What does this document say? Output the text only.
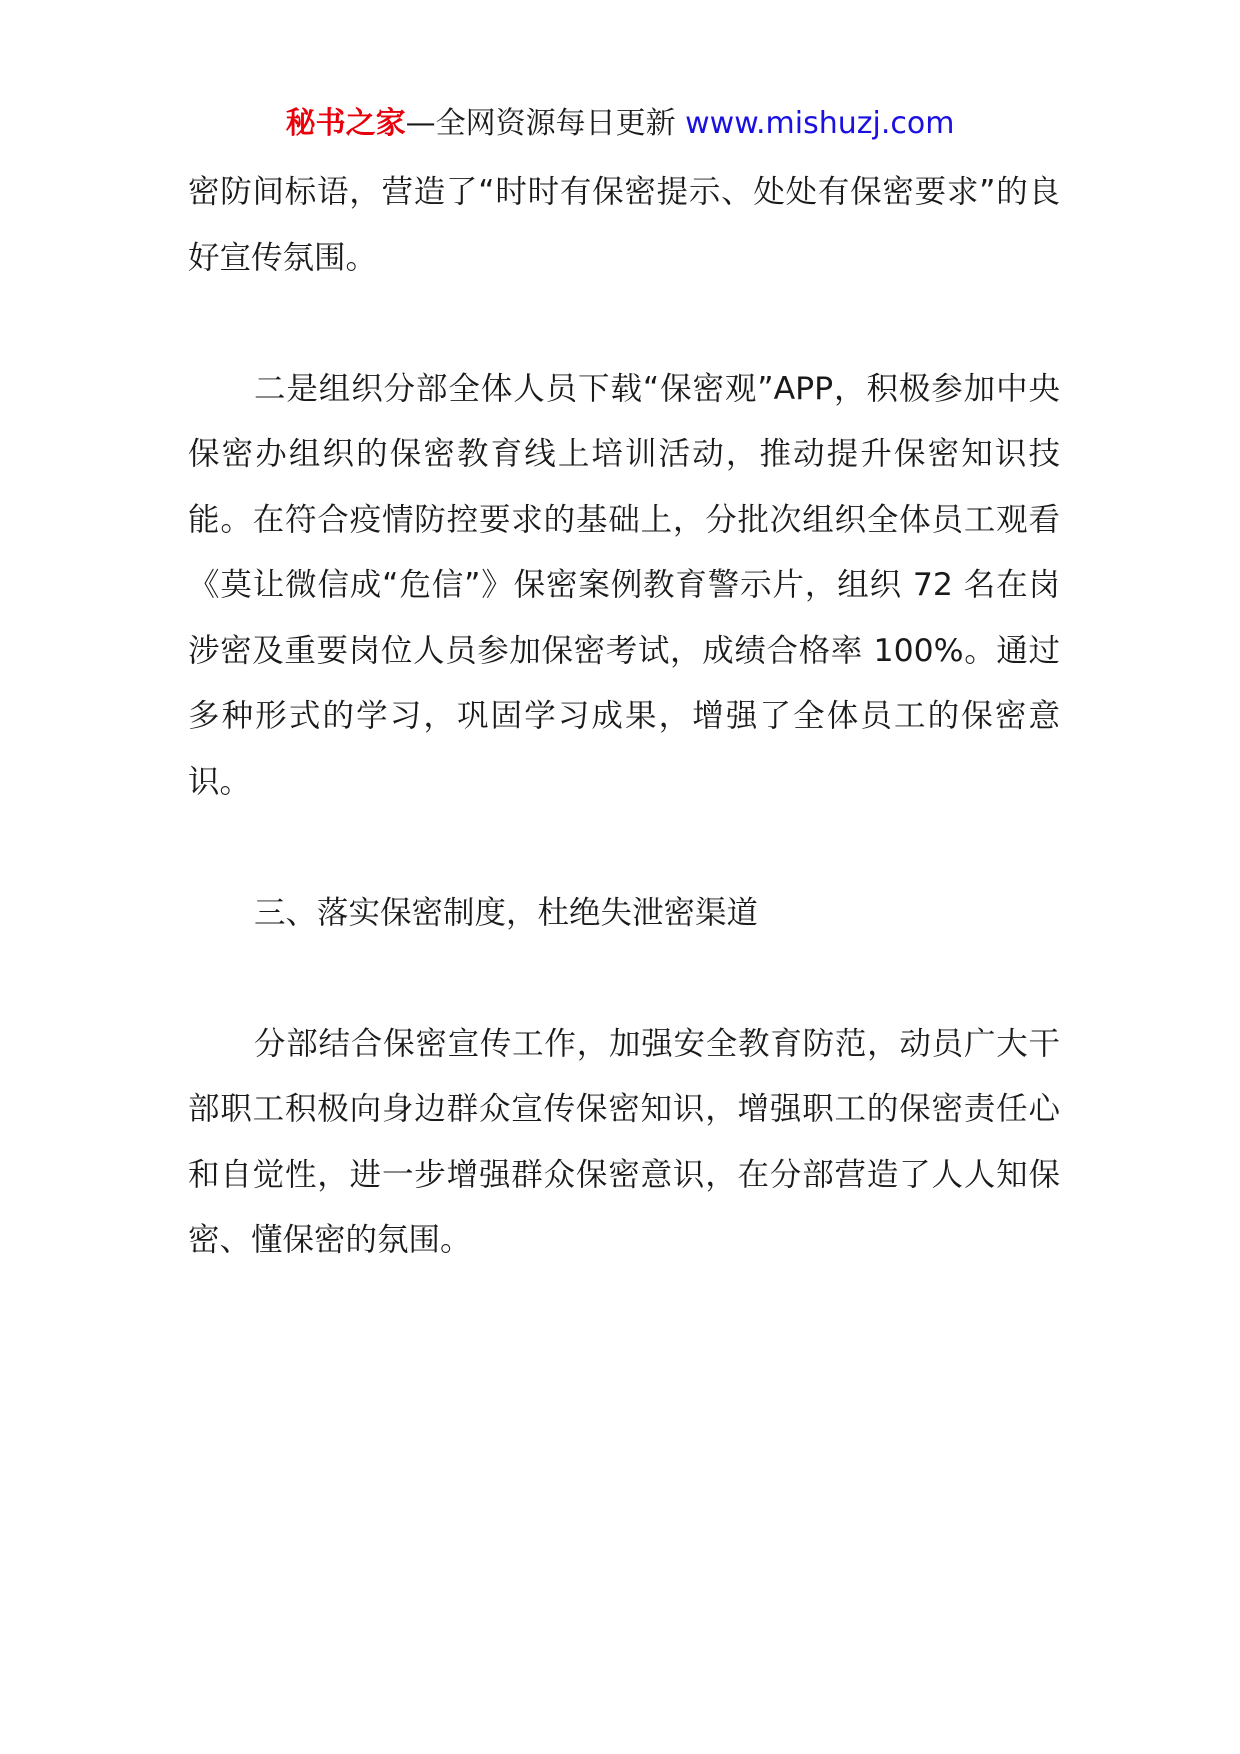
秘书之家—全网资源每日更新 www.mishuzj.com

密防间标语，营造了“时时有保密提示、处处有保密要求”的良好宣传氛围。

二是组织分部全体人员下载“保密观”APP，积极参加中央保密办组织的保密教育线上培训活动，推动提升保密知识技能。在符合疫情防控要求的基础上，分批次组织全体员工观看《莫让微信成“危信”》保密案例教育警示片，组织 72 名在岗涉密及重要岗位人员参加保密考试，成绩合格率 100%。通过多种形式的学习，巩固学习成果，增强了全体员工的保密意识。

三、落实保密制度，杜绝失泄密渠道

分部结合保密宣传工作，加强安全教育防范，动员广大干部职工积极向身边群众宣传保密知识，增强职工的保密责任心和自觉性，进一步增强群众保密意识，在分部营造了人人知保密、懂保密的氛围。
